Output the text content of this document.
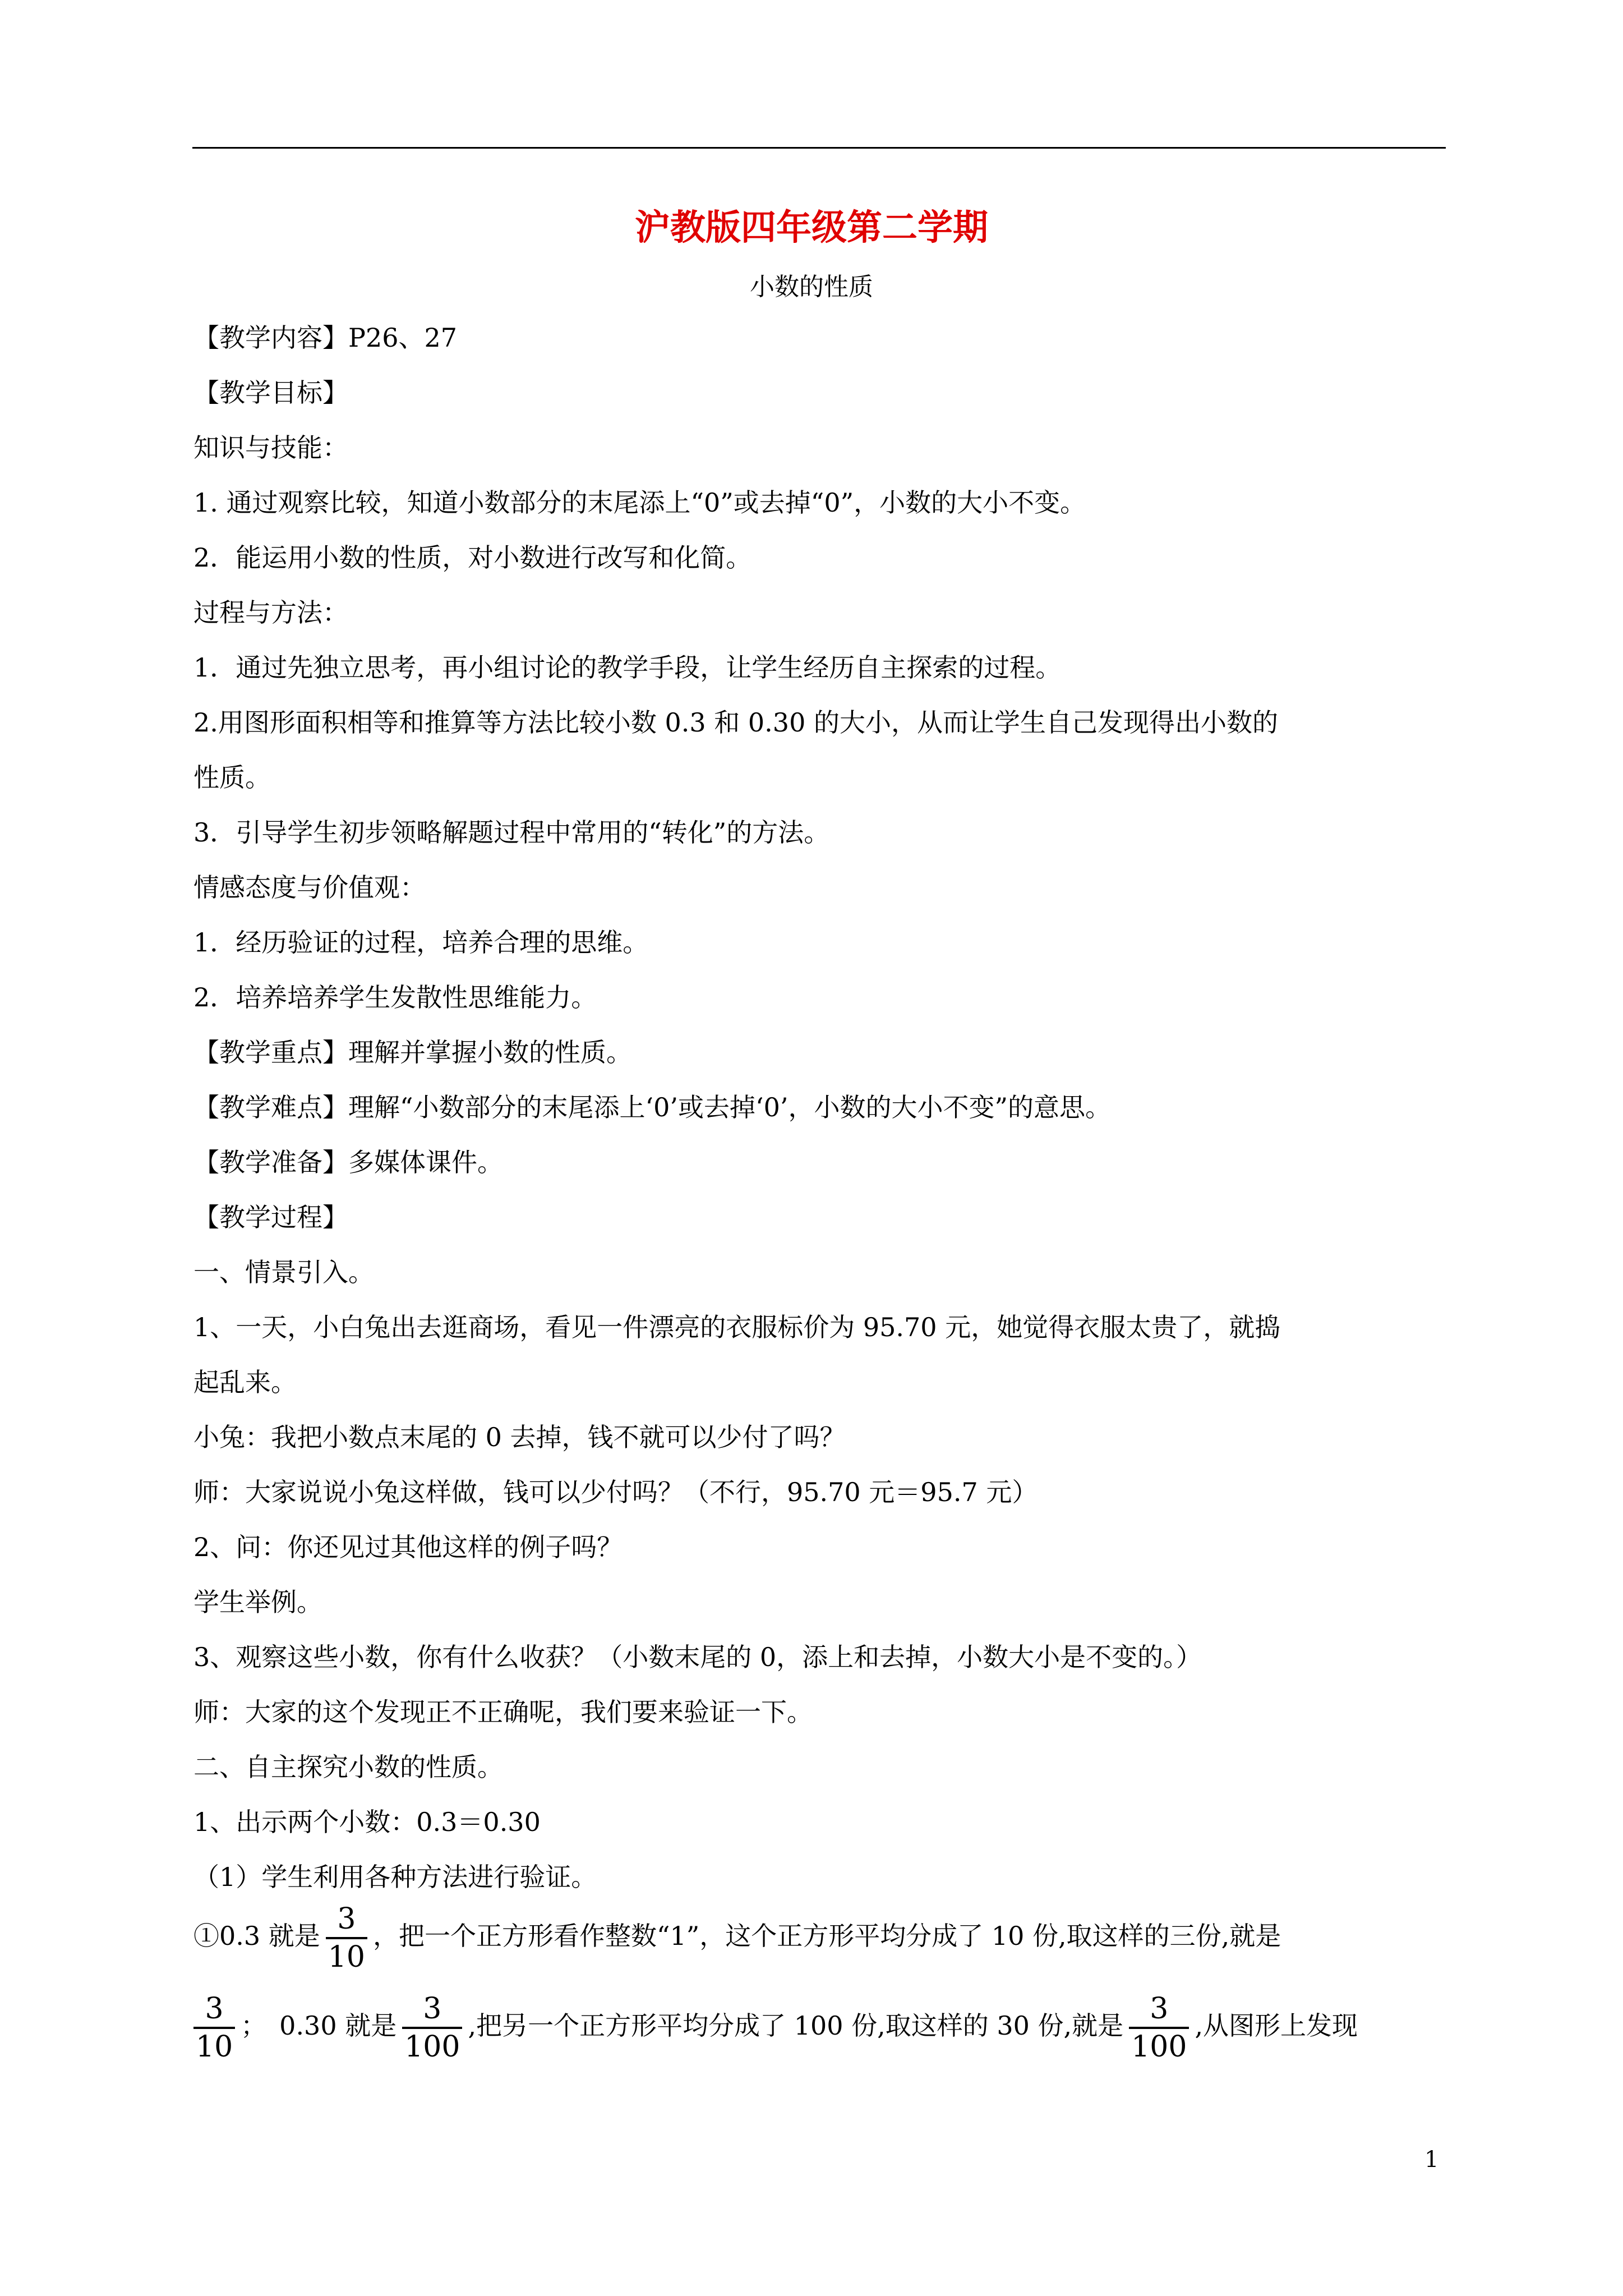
沪教版四年级第二学期
小数的性质
【教学内容】P26、27
【教学目标】
知识与技能：
1. 通过观察比较，知道小数部分的末尾添上“0”或去掉“0”，小数的大小不变。
2．能运用小数的性质，对小数进行改写和化简。
过程与方法：
1．通过先独立思考，再小组讨论的教学手段，让学生经历自主探索的过程。
2.用图形面积相等和推算等方法比较小数 0.3 和 0.30 的大小，从而让学生自己发现得出小数的
性质。
3．引导学生初步领略解题过程中常用的“转化”的方法。
情感态度与价值观：
1．经历验证的过程，培养合理的思维。
2．培养培养学生发散性思维能力。
【教学重点】理解并掌握小数的性质。
【教学难点】理解“小数部分的末尾添上‘0’或去掉‘0’，小数的大小不变”的意思。
【教学准备】多媒体课件。
【教学过程】
一、情景引入。
1、一天，小白兔出去逛商场，看见一件漂亮的衣服标价为 95.70 元，她觉得衣服太贵了，就捣
起乱来。
小兔：我把小数点末尾的 0 去掉，钱不就可以少付了吗？
师：大家说说小兔这样做，钱可以少付吗？（不行，95.70 元＝95.7 元）
2、问：你还见过其他这样的例子吗？
学生举例。
3、观察这些小数，你有什么收获？（小数末尾的 0，添上和去掉，小数大小是不变的。）
师：大家的这个发现正不正确呢，我们要来验证一下。
二、自主探究小数的性质。
1、出示两个小数：0.3＝0.30
（1）学生利用各种方法进行验证。
①0.3 就是 $\frac{3}{10}$ ，把一个正方形看作整数“1”，这个正方形平均分成了 10 份,取这样的三份,就是
$\frac{3}{10}$ ；　0.30 就是 $\frac{3}{100}$ ,把另一个正方形平均分成了 100 份,取这样的 30 份,就是 $\frac{3}{100}$ ,从图形上发现
1
